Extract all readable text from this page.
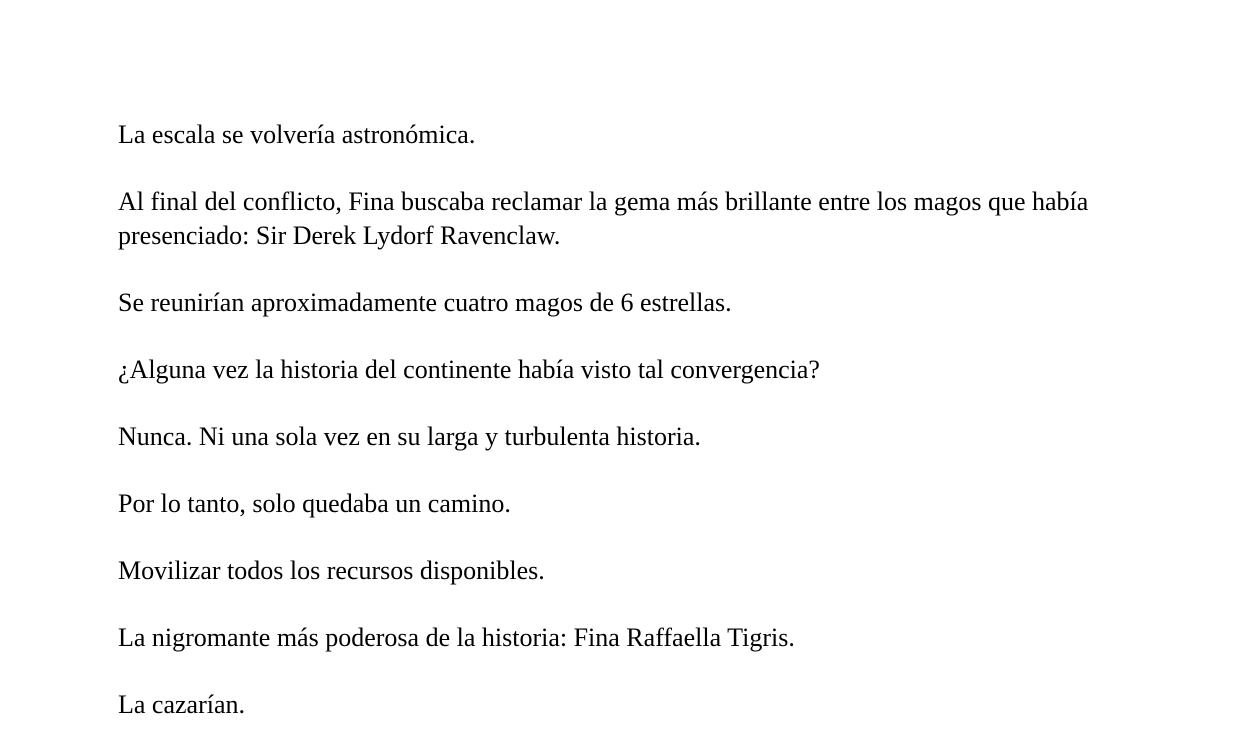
La escala se volvería astronómica.

Al final del conflicto, Fina buscaba reclamar la gema más brillante entre los magos que había presenciado: Sir Derek Lydorf Ravenclaw.

Se reunirían aproximadamente cuatro magos de 6 estrellas.

¿Alguna vez la historia del continente había visto tal convergencia?

Nunca. Ni una sola vez en su larga y turbulenta historia.

Por lo tanto, solo quedaba un camino.

Movilizar todos los recursos disponibles.

La nigromante más poderosa de la historia: Fina Raffaella Tigris.

La cazarían.
